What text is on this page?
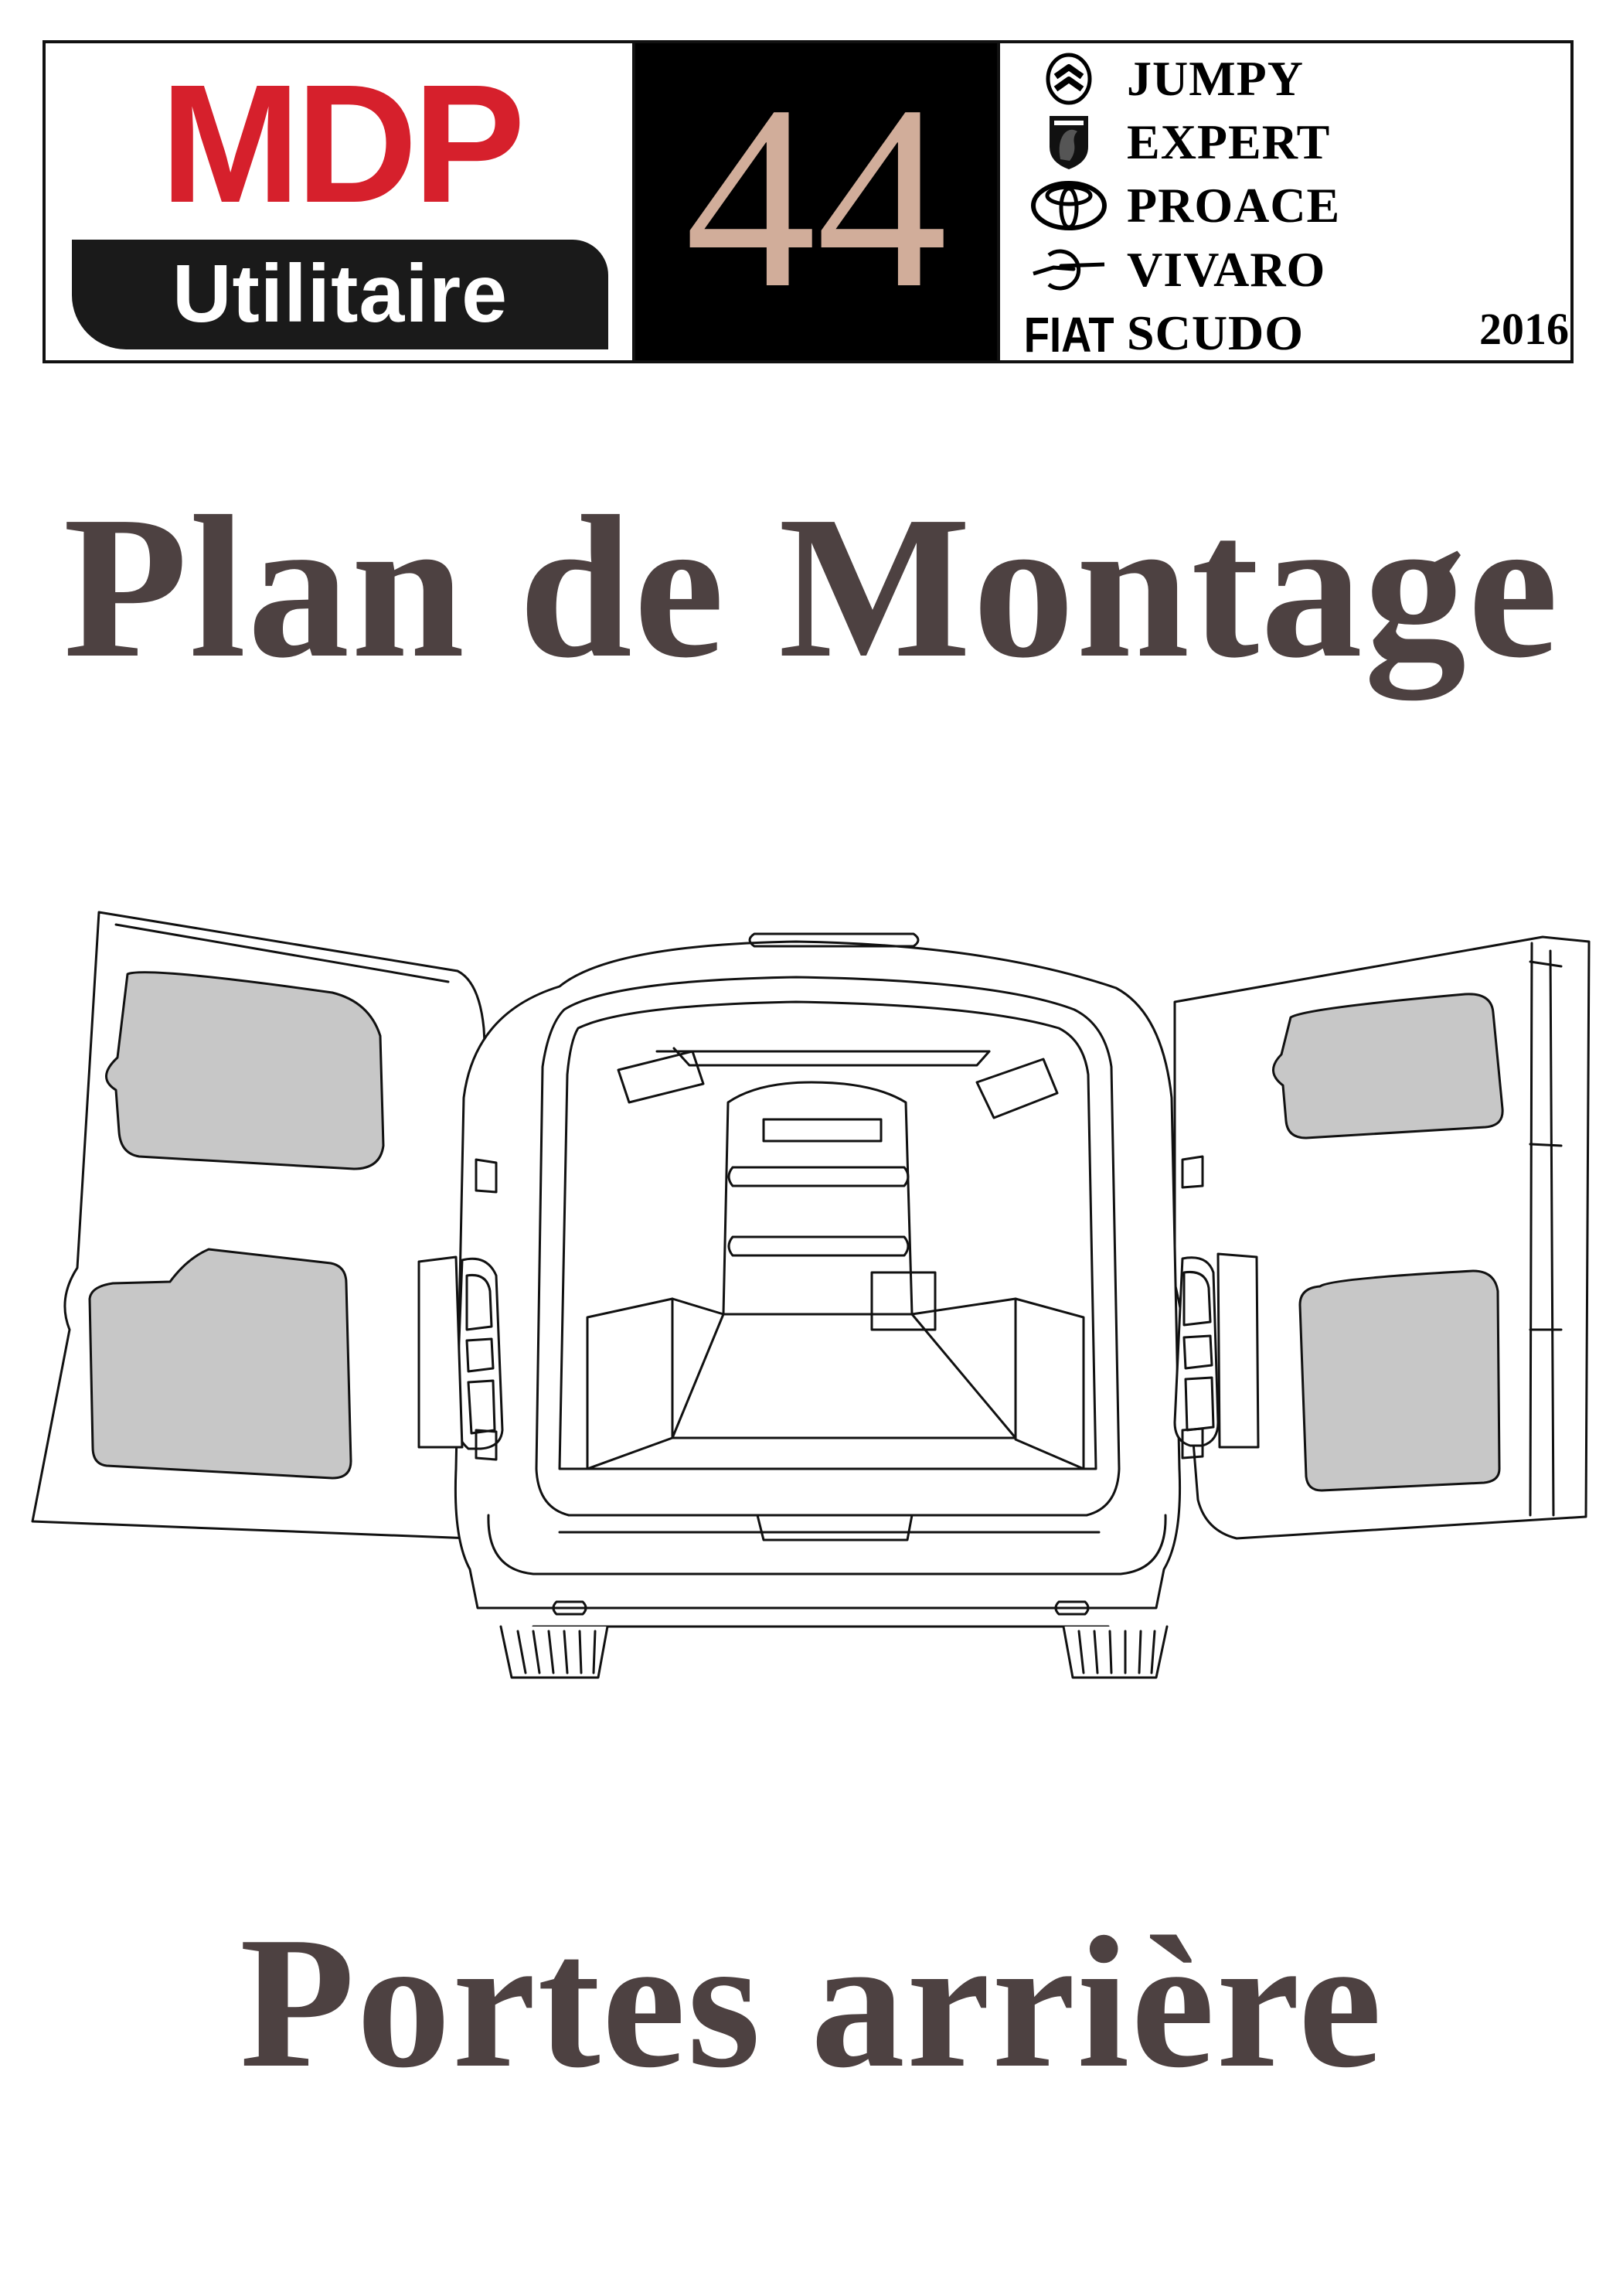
MDP
Utilitaire 44	JUMPY
EXPERT
PROACE
VIVARO
FIAT SCUDO	2016
Plan de Montage
Portes arrière
